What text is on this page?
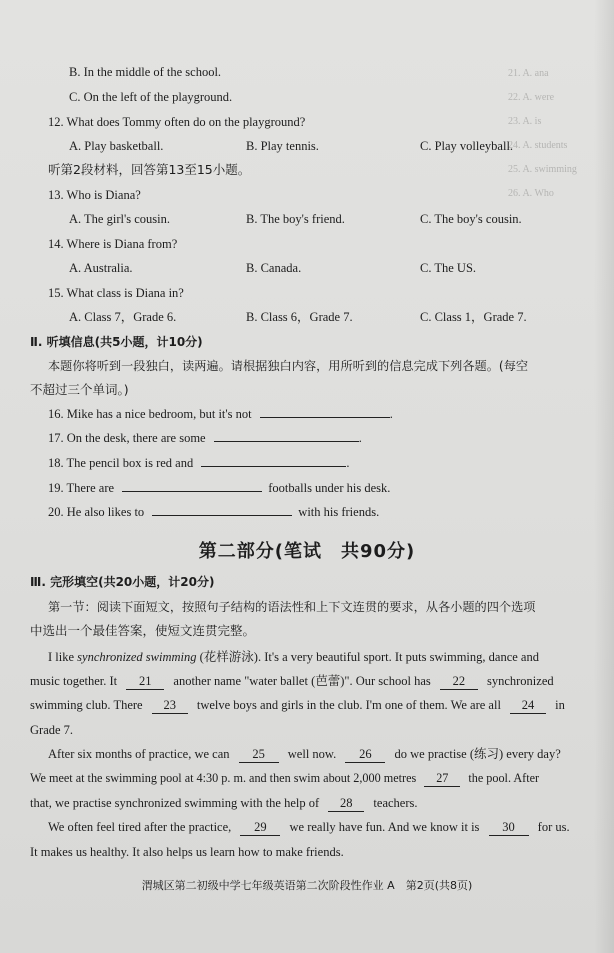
21. A. ana
22. A. were
23. A. is
24. A. students
25. A. swimming
26. A. Who
B. In the middle of the school.
C. On the left of the playground.
12. What does Tommy often do on the playground?
A. Play basketball.	B. Play tennis.	C. Play volleyball.
听第2段材料，回答第13至15小题。
13. Who is Diana?
A. The girl's cousin.	B. The boy's friend.	C. The boy's cousin.
14. Where is Diana from?
A. Australia.	B. Canada.	C. The US.
15. What class is Diana in?
A. Class 7，Grade 6.	B. Class 6，Grade 7.	C. Class 1，Grade 7.
Ⅱ. 听填信息(共5小题，计10分)
本题你将听到一段独白，读两遍。请根据独白内容，用所听到的信息完成下列各题。(每空
不超过三个单词。)
16. Mike has a nice bedroom, but it's not	.
17. On the desk, there are some	.
18. The pencil box is red and	.
19. There are	footballs under his desk.
20. He also likes to	with his friends.
第二部分(笔试　共90分)
Ⅲ. 完形填空(共20小题，计20分)
第一节：阅读下面短文，按照句子结构的语法性和上下文连贯的要求，从各小题的四个选项
中选出一个最佳答案，使短文连贯完整。
I like synchronized swimming (花样游泳). It's a very beautiful sport. It puts swimming, dance and
music together. It 21 another name "water ballet (芭蕾)". Our school has 22 synchronized
swimming club. There 23 twelve boys and girls in the club. I'm one of them. We are all 24 in
Grade 7.
After six months of practice, we can 25 well now. 26 do we practise (练习) every day?
We meet at the swimming pool at 4:30 p. m. and then swim about 2,000 metres 27 the pool. After
that, we practise synchronized swimming with the help of 28 teachers.
We often feel tired after the practice, 29 we really have fun. And we know it is 30 for us.
It makes us healthy. It also helps us learn how to make friends.
渭城区第二初级中学七年级英语第二次阶段性作业 A　第2页(共8页)
